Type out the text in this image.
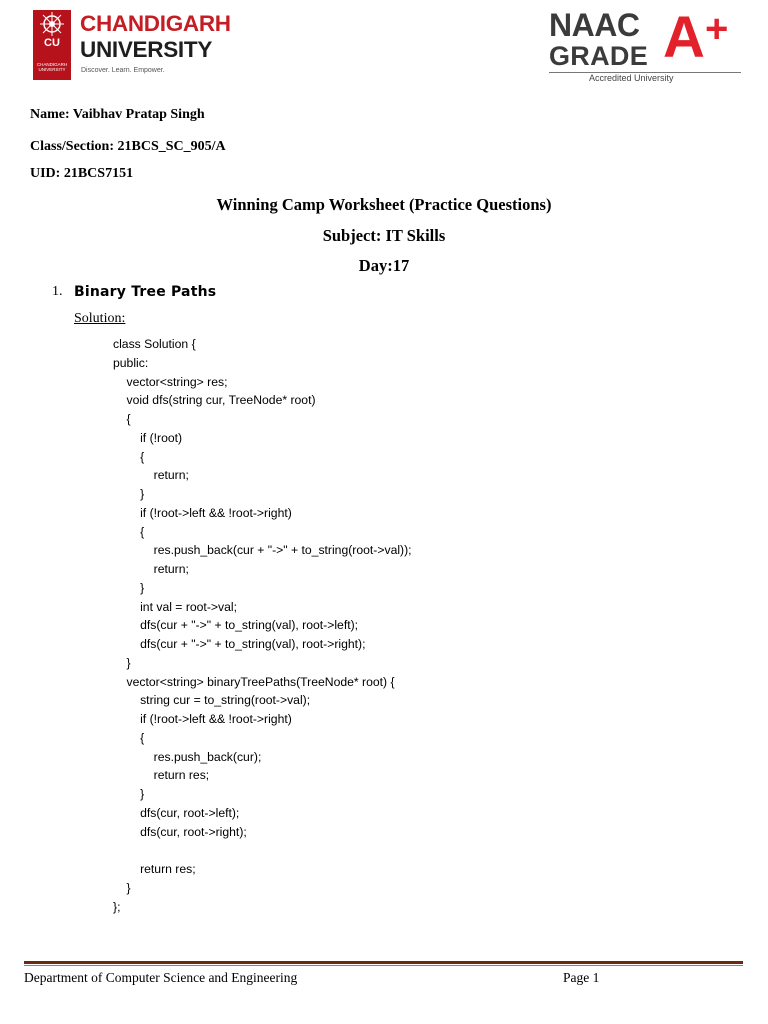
CU
CHANDIGARH UNIVERSITY
CHANDIGARH
UNIVERSITY
Discover. Learn. Empower.
NAAC
GRADE A +
Accredited University
Name: Vaibhav Pratap Singh
Class/Section: 21BCS_SC_905/A
UID: 21BCS7151
Winning Camp Worksheet (Practice Questions)
Subject: IT Skills
Day:17
1. Binary Tree Paths
Solution:
class Solution {
public:
vector<string> res;
void dfs(string cur, TreeNode* root)
{
if (!root)
{
return;
}
if (!root->left && !root->right)
{
res.push_back(cur + "->" + to_string(root->val));
return;
}
int val = root->val;
dfs(cur + "->" + to_string(val), root->left);
dfs(cur + "->" + to_string(val), root->right);
}
vector<string> binaryTreePaths(TreeNode* root) {
string cur = to_string(root->val);
if (!root->left && !root->right)
{
res.push_back(cur);
return res;
}
dfs(cur, root->left);
dfs(cur, root->right);
return res;
}
};
Department of Computer Science and Engineering	Page 1
